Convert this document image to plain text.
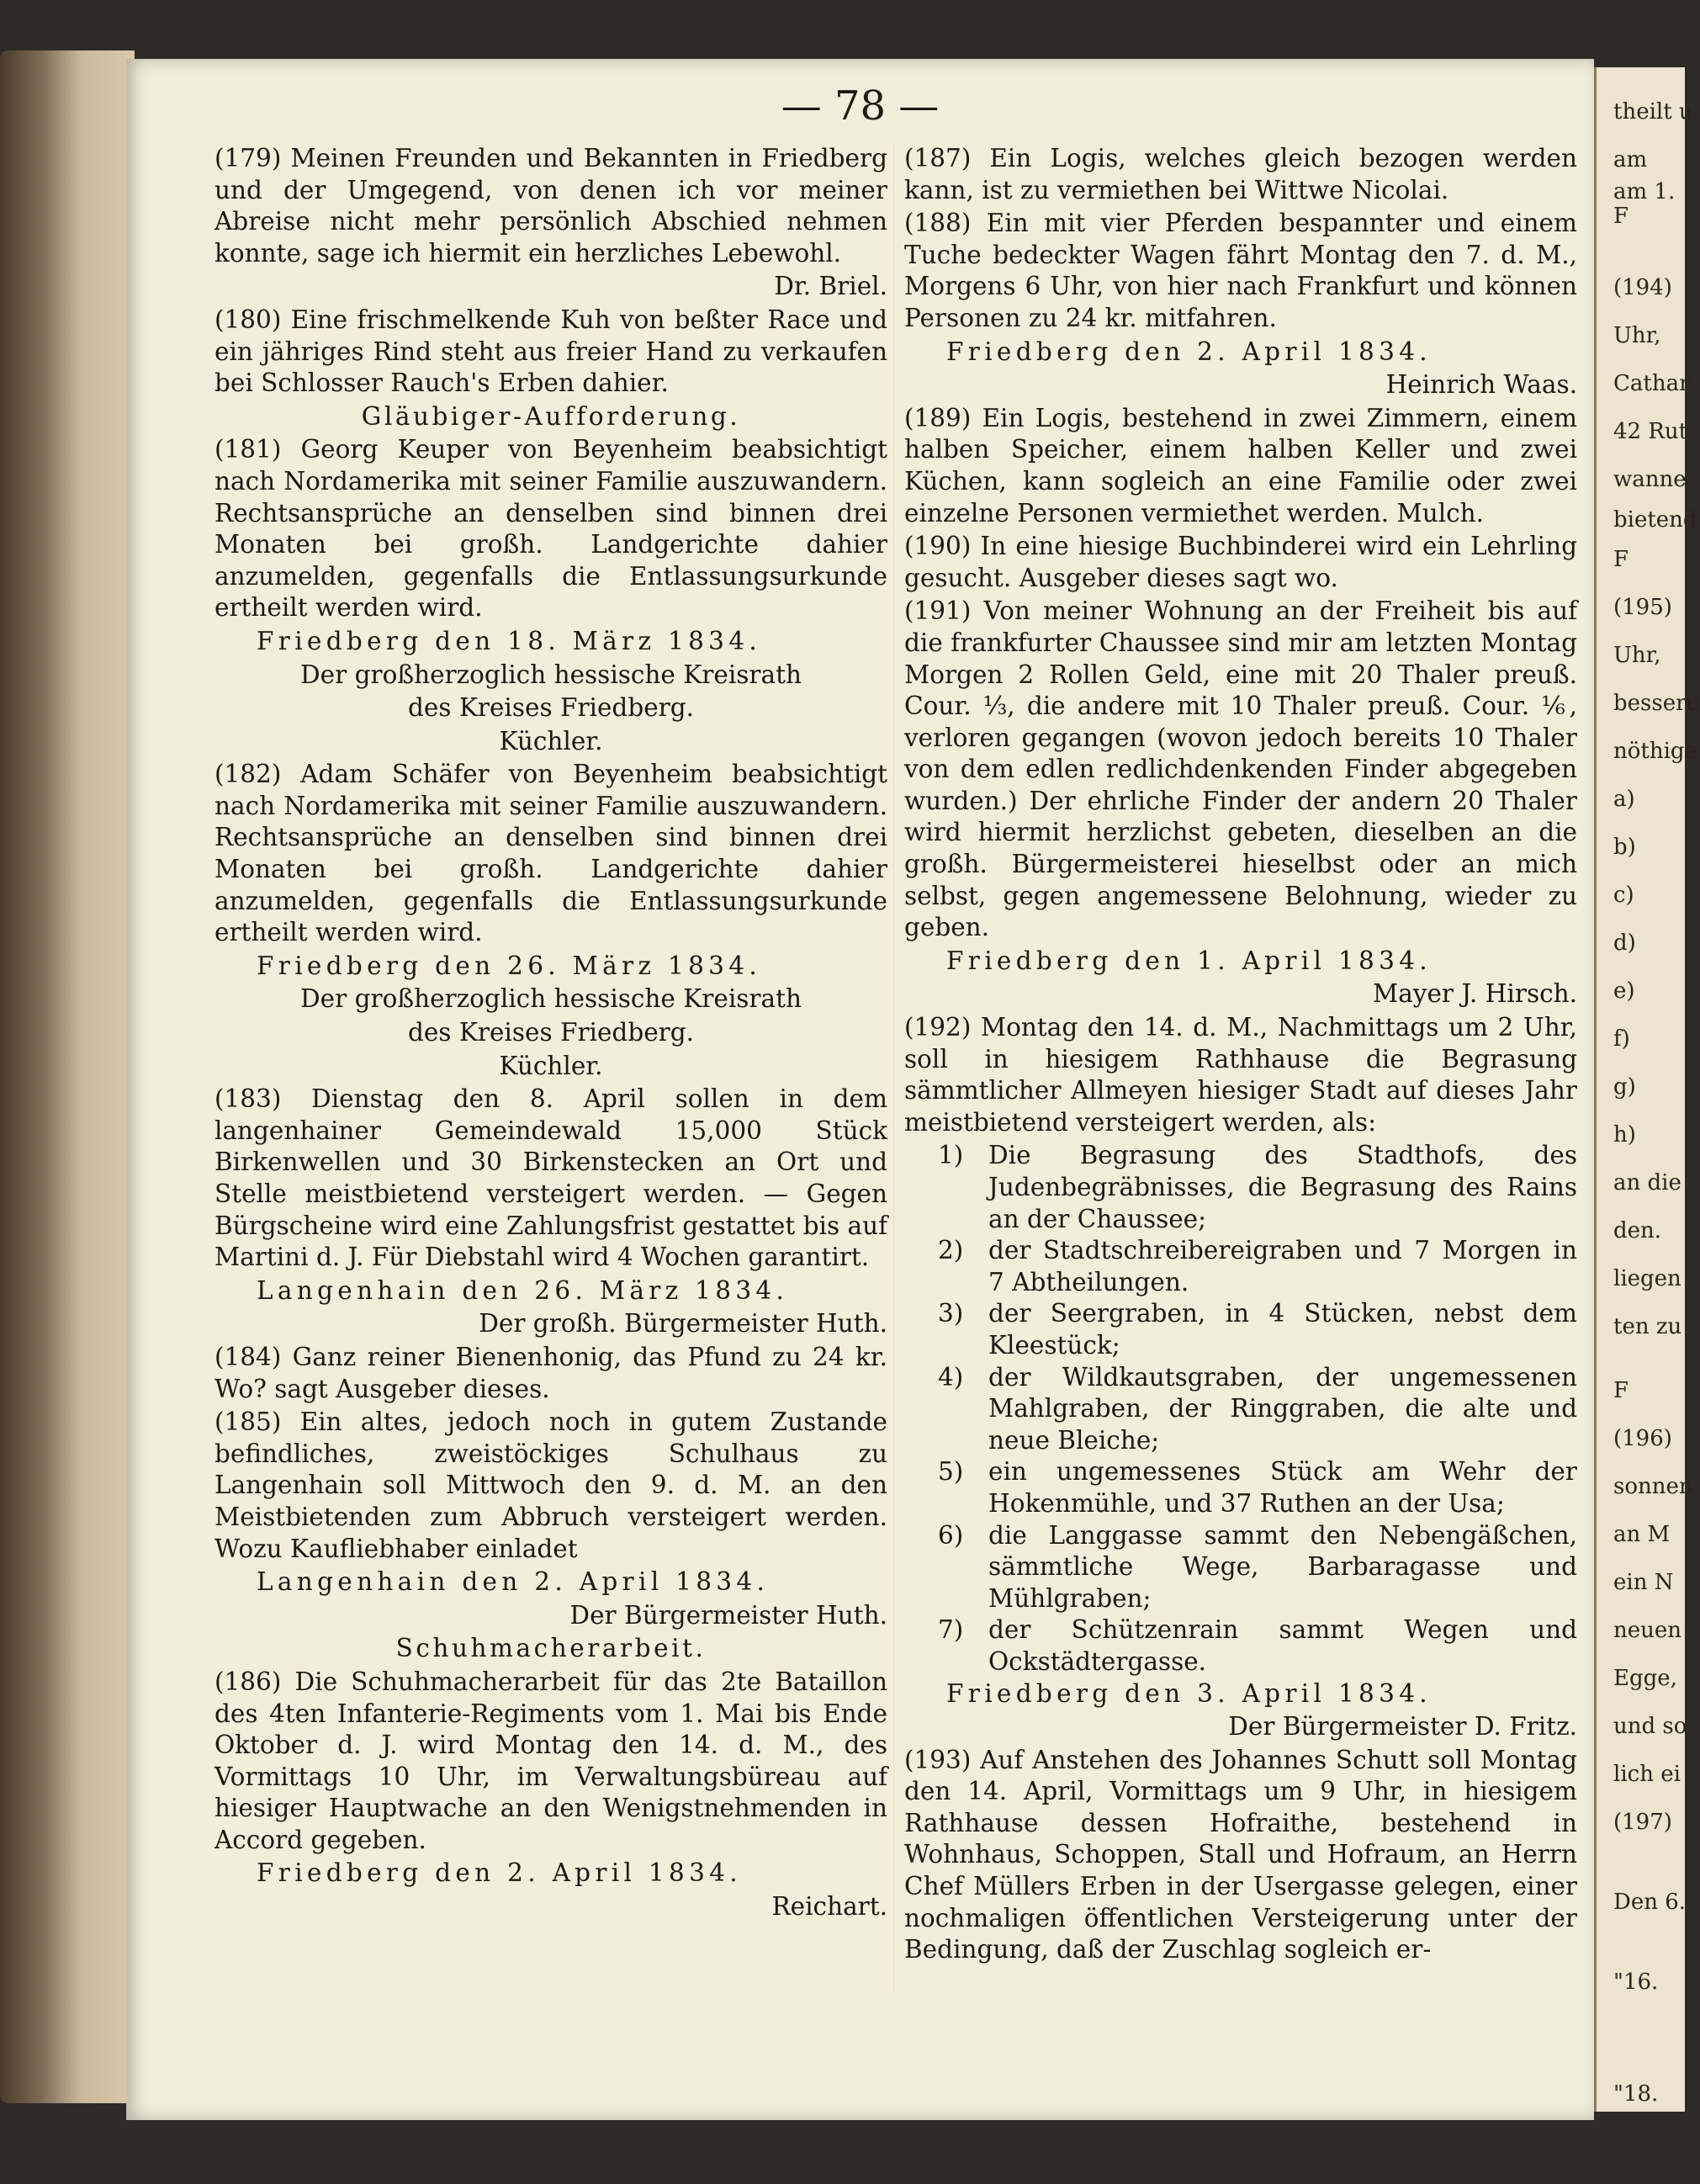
— 78 —

(179) Meinen Freunden und Bekannten in Friedberg und der Umgegend, von denen ich vor meiner Abreise nicht mehr persönlich Abschied nehmen konnte, sage ich hiermit ein herzliches Lebewohl.

Dr. Briel.

(180) Eine frischmelkende Kuh von beßter Race und ein jähriges Rind steht aus freier Hand zu verkaufen bei Schlosser Rauch's Erben dahier.

Gläubiger-Aufforderung.

(181) Georg Keuper von Beyenheim beabsichtigt nach Nordamerika mit seiner Familie auszuwandern. Rechtsansprüche an denselben sind binnen drei Monaten bei großh. Landgerichte dahier anzumelden, gegenfalls die Entlassungsurkunde ertheilt werden wird.

Friedberg den 18. März 1834.

Der großherzoglich hessische Kreisrath

des Kreises Friedberg.

Küchler.

(182) Adam Schäfer von Beyenheim beabsichtigt nach Nordamerika mit seiner Familie auszuwandern. Rechtsansprüche an denselben sind binnen drei Monaten bei großh. Landgerichte dahier anzumelden, gegenfalls die Entlassungsurkunde ertheilt werden wird.

Friedberg den 26. März 1834.

Der großherzoglich hessische Kreisrath

des Kreises Friedberg.

Küchler.

(183) Dienstag den 8. April sollen in dem langenhainer Gemeindewald 15,000 Stück Birkenwellen und 30 Birkenstecken an Ort und Stelle meistbietend versteigert werden. — Gegen Bürgscheine wird eine Zahlungsfrist gestattet bis auf Martini d. J. Für Diebstahl wird 4 Wochen garantirt.

Langenhain den 26. März 1834.

Der großh. Bürgermeister Huth.

(184) Ganz reiner Bienenhonig, das Pfund zu 24 kr. Wo? sagt Ausgeber dieses.

(185) Ein altes, jedoch noch in gutem Zustande befindliches, zweistöckiges Schulhaus zu Langenhain soll Mittwoch den 9. d. M. an den Meistbietenden zum Abbruch versteigert werden. Wozu Kaufliebhaber einladet

Langenhain den 2. April 1834.

Der Bürgermeister Huth.

Schuhmacherarbeit.

(186) Die Schuhmacherarbeit für das 2te Bataillon des 4ten Infanterie-Regiments vom 1. Mai bis Ende Oktober d. J. wird Montag den 14. d. M., des Vormittags 10 Uhr, im Verwaltungsbüreau auf hiesiger Hauptwache an den Wenigstnehmenden in Accord gegeben.

Friedberg den 2. April 1834.

Reichart.

(187) Ein Logis, welches gleich bezogen werden kann, ist zu vermiethen bei Wittwe Nicolai.

(188) Ein mit vier Pferden bespannter und einem Tuche bedeckter Wagen fährt Montag den 7. d. M., Morgens 6 Uhr, von hier nach Frankfurt und können Personen zu 24 kr. mitfahren.

Friedberg den 2. April 1834.

Heinrich Waas.

(189) Ein Logis, bestehend in zwei Zimmern, einem halben Speicher, einem halben Keller und zwei Küchen, kann sogleich an eine Familie oder zwei einzelne Personen vermiethet werden. Mulch.

(190) In eine hiesige Buchbinderei wird ein Lehrling gesucht. Ausgeber dieses sagt wo.

(191) Von meiner Wohnung an der Freiheit bis auf die frankfurter Chaussee sind mir am letzten Montag Morgen 2 Rollen Geld, eine mit 20 Thaler preuß. Cour. ⅓, die andere mit 10 Thaler preuß. Cour. ⅙, verloren gegangen (wovon jedoch bereits 10 Thaler von dem edlen redlichdenkenden Finder abgegeben wurden.) Der ehrliche Finder der andern 20 Thaler wird hiermit herzlichst gebeten, dieselben an die großh. Bürgermeisterei hieselbst oder an mich selbst, gegen angemessene Belohnung, wieder zu geben.

Friedberg den 1. April 1834.

Mayer J. Hirsch.

(192) Montag den 14. d. M., Nachmittags um 2 Uhr, soll in hiesigem Rathhause die Begrasung sämmtlicher Allmeyen hiesiger Stadt auf dieses Jahr meistbietend versteigert werden, als:

1)	Die Begrasung des Stadthofs, des Judenbegräbnisses, die Begrasung des Rains an der Chaussee;
2)	der Stadtschreibereigraben und 7 Morgen in 7 Abtheilungen.
3)	der Seergraben, in 4 Stücken, nebst dem Kleestück;
4)	der Wildkautsgraben, der ungemessenen Mahlgraben, der Ringgraben, die alte und neue Bleiche;
5)	ein ungemessenes Stück am Wehr der Hokenmühle, und 37 Ruthen an der Usa;
6)	die Langgasse sammt den Nebengäßchen, sämmtliche Wege, Barbaragasse und Mühlgraben;
7)	der Schützenrain sammt Wegen und Ockstädtergasse.

Friedberg den 3. April 1834.

Der Bürgermeister D. Fritz.

(193) Auf Anstehen des Johannes Schutt soll Montag den 14. April, Vormittags um 9 Uhr, in hiesigem Rathhause dessen Hofraithe, bestehend in Wohnhaus, Schoppen, Stall und Hofraum, an Herrn Chef Müllers Erben in der Usergasse gelegen, einer nochmaligen öffentlichen Versteigerung unter der Bedingung, daß der Zuschlag sogleich er-

theilt u
am
am 1.
F
(194)
Uhr,
Cathar
42 Rut
wanne
bietend
F
(195)
Uhr,
besseru
nöthige
a)
b)
c)
d)
e)
f)
g)
h)
an die
den.
liegen
ten zu
F
(196)
sonnen
an M
ein N
neuen
Egge,
und so
lich ei
(197)
Den 6.
"16.
"18.
